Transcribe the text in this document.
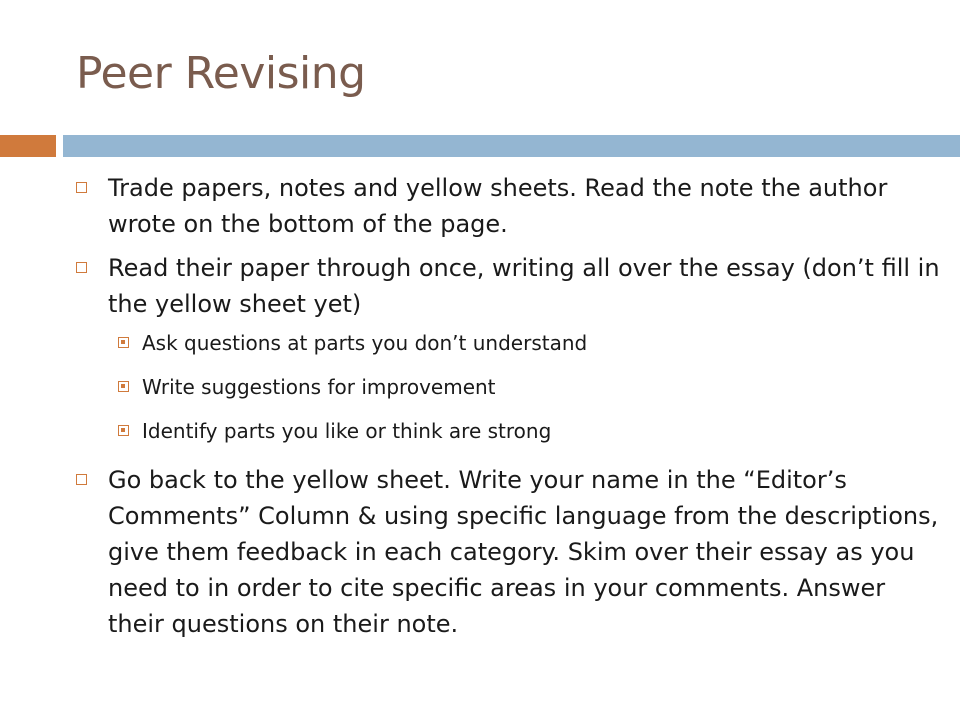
Peer Revising
Trade papers, notes and yellow sheets. Read the note the author wrote on the bottom of the page.
Read their paper through once, writing all over the essay (don’t fill in the yellow sheet yet)
Ask questions at parts you don’t understand
Write suggestions for improvement
Identify parts you like or think are strong
Go back to the yellow sheet. Write your name in the “Editor’s Comments” Column & using specific language from the descriptions, give them feedback in each category. Skim over their essay as you need to in order to cite specific areas in your comments. Answer their questions on their note.
